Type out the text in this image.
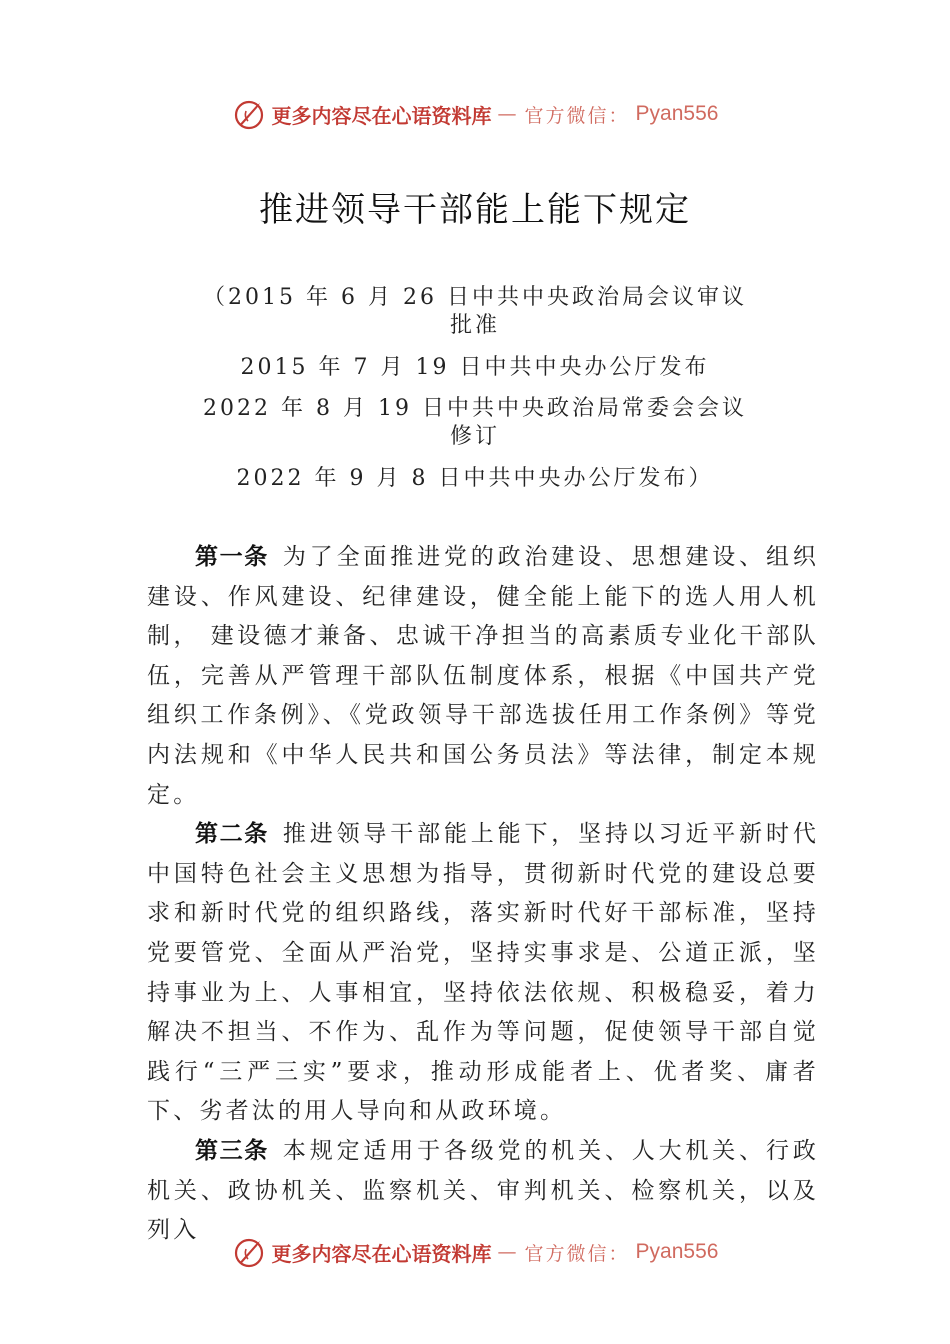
更多内容尽在心语资料库 — 官方微信： Pyan556
推进领导干部能上能下规定
（2015 年 6 月 26 日中共中央政治局会议审议批准
2015 年 7 月 19 日中共中央办公厅发布
2022 年 8 月 19 日中共中央政治局常委会会议修订
2022 年 9 月 8 日中共中央办公厅发布）

第一条 为了全面推进党的政治建设、思想建设、组织建设、作风建设、纪律建设，健全能上能下的选人用人机制， 建设德才兼备、忠诚干净担当的高素质专业化干部队伍，完善从严管理干部队伍制度体系，根据《中国共产党组织工作条例》、《党政领导干部选拔任用工作条例》等党内法规和《中华人民共和国公务员法》等法律，制定本规定。

第二条 推进领导干部能上能下，坚持以习近平新时代中国特色社会主义思想为指导，贯彻新时代党的建设总要求和新时代党的组织路线，落实新时代好干部标准，坚持党要管党、全面从严治党，坚持实事求是、公道正派，坚持事业为上、人事相宜，坚持依法依规、积极稳妥，着力解决不担当、不作为、乱作为等问题，促使领导干部自觉践行“三严三实”要求，推动形成能者上、优者奖、庸者下、劣者汰的用人导向和从政环境。

第三条 本规定适用于各级党的机关、人大机关、行政机关、政协机关、监察机关、审判机关、检察机关，以及列入

更多内容尽在心语资料库 — 官方微信： Pyan556
